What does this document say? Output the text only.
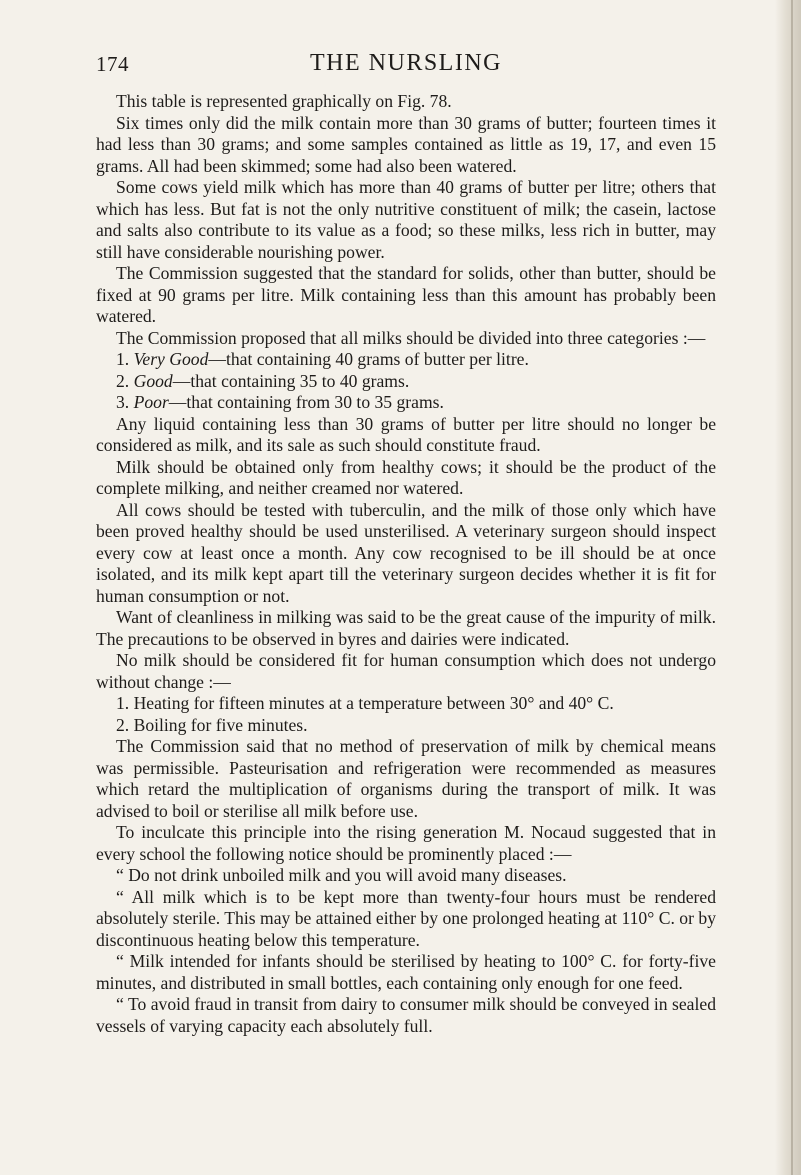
174	THE NURSLING

This table is represented graphically on Fig. 78.

Six times only did the milk contain more than 30 grams of butter; fourteen times it had less than 30 grams; and some samples contained as little as 19, 17, and even 15 grams. All had been skimmed; some had also been watered.

Some cows yield milk which has more than 40 grams of butter per litre; others that which has less. But fat is not the only nutritive constituent of milk; the casein, lactose and salts also contribute to its value as a food; so these milks, less rich in butter, may still have considerable nourishing power.

The Commission suggested that the standard for solids, other than butter, should be fixed at 90 grams per litre. Milk containing less than this amount has probably been watered.

The Commission proposed that all milks should be divided into three categories :—

1. Very Good—that containing 40 grams of butter per litre.

2. Good—that containing 35 to 40 grams.

3. Poor—that containing from 30 to 35 grams.

Any liquid containing less than 30 grams of butter per litre should no longer be considered as milk, and its sale as such should constitute fraud.

Milk should be obtained only from healthy cows; it should be the product of the complete milking, and neither creamed nor watered.

All cows should be tested with tuberculin, and the milk of those only which have been proved healthy should be used unsterilised. A veterinary surgeon should inspect every cow at least once a month. Any cow recognised to be ill should be at once isolated, and its milk kept apart till the veterinary surgeon decides whether it is fit for human consumption or not.

Want of cleanliness in milking was said to be the great cause of the impurity of milk. The precautions to be observed in byres and dairies were indicated.

No milk should be considered fit for human consumption which does not undergo without change :—

1. Heating for fifteen minutes at a temperature between 30° and 40° C.

2. Boiling for five minutes.

The Commission said that no method of preservation of milk by chemical means was permissible. Pasteurisation and refrigeration were recommended as measures which retard the multiplication of organisms during the transport of milk. It was advised to boil or sterilise all milk before use.

To inculcate this principle into the rising generation M. Nocaud suggested that in every school the following notice should be prominently placed :—

“ Do not drink unboiled milk and you will avoid many diseases.

“ All milk which is to be kept more than twenty-four hours must be rendered absolutely sterile. This may be attained either by one prolonged heating at 110° C. or by discontinuous heating below this temperature.

“ Milk intended for infants should be sterilised by heating to 100° C. for forty-five minutes, and distributed in small bottles, each containing only enough for one feed.

“ To avoid fraud in transit from dairy to consumer milk should be conveyed in sealed vessels of varying capacity each absolutely full.
